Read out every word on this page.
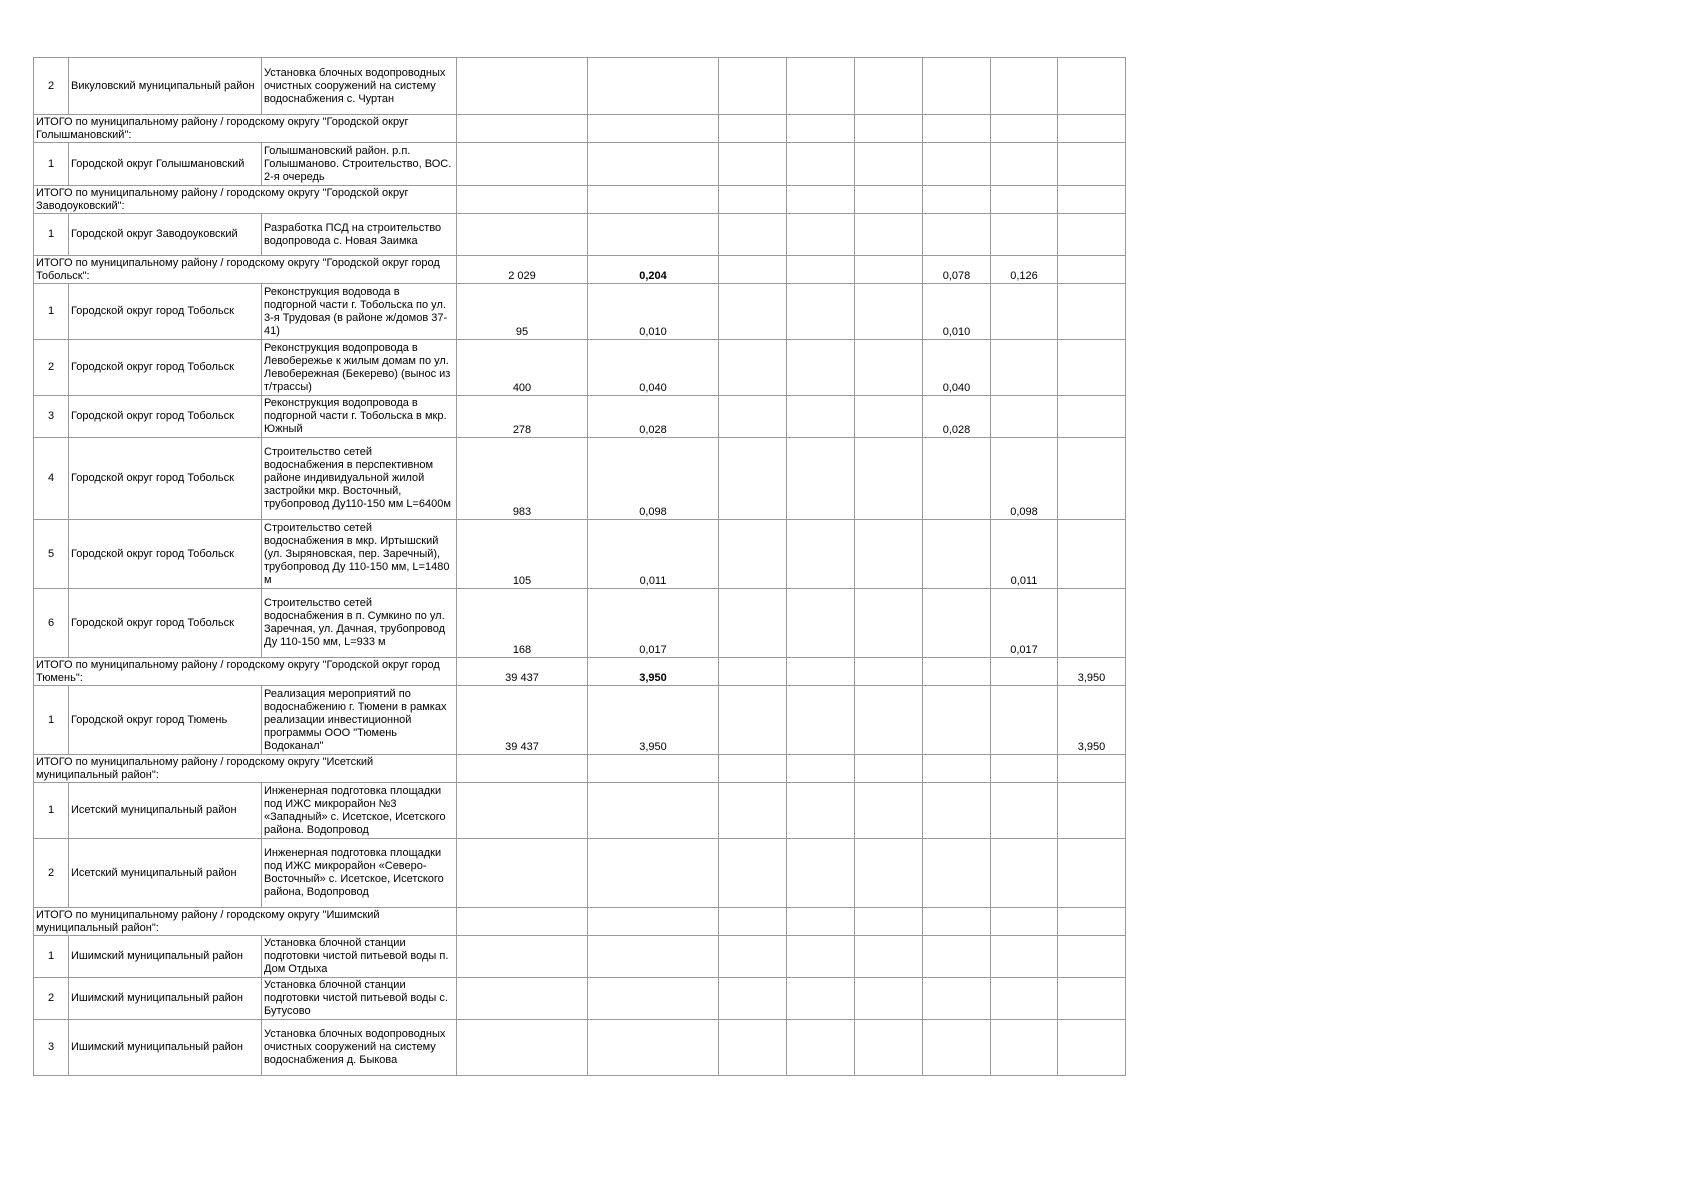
2	Викуловский муниципальный район	Установка блочных водопроводных очистных сооружений на систему водоснабжения с. Чуртан								
ИТОГО по муниципальному району / городскому округу "Городской округ Голышмановский":										
1	Городской округ Голышмановский	Голышмановский район. р.п. Голышманово. Строительство, ВОС. 2-я очередь								
ИТОГО по муниципальному району / городскому округу "Городской округ Заводоуковский":										
1	Городской округ Заводоуковский	Разработка ПСД на строительство водопровода с. Новая Заимка								
ИТОГО по муниципальному району / городскому округу "Городской округ город Тобольск":			2 029	0,204				0,078	0,126	
1	Городской округ город Тобольск	Реконструкция водовода в подгорной части г. Тобольска по ул. 3-я Трудовая (в районе ж/домов 37-41)	95	0,010				0,010		
2	Городской округ город Тобольск	Реконструкция водопровода в Левобережье к жилым домам по ул. Левобережная (Бекерево) (вынос из т/трассы)	400	0,040				0,040		
3	Городской округ город Тобольск	Реконструкция водопровода в подгорной части г. Тобольска в мкр. Южный	278	0,028				0,028		
4	Городской округ город Тобольск	Строительство сетей водоснабжения в перспективном районе индивидуальной жилой застройки мкр. Восточный, трубопровод Ду110-150 мм L=6400м	983	0,098					0,098	
5	Городской округ город Тобольск	Строительство сетей водоснабжения в мкр. Иртышский (ул. Зыряновская, пер. Заречный), трубопровод Ду 110-150 мм, L=1480 м	105	0,011					0,011	
6	Городской округ город Тобольск	Строительство сетей водоснабжения в п. Сумкино по ул. Заречная, ул. Дачная, трубопровод Ду 110-150 мм, L=933 м	168	0,017					0,017	
ИТОГО по муниципальному району / городскому округу "Городской округ город Тюмень":			39 437	3,950						3,950
1	Городской округ город Тюмень	Реализация мероприятий по водоснабжению г. Тюмени в рамках реализации инвестиционной программы ООО "Тюмень Водоканал"	39 437	3,950						3,950
ИТОГО по муниципальному району / городскому округу "Исетский муниципальный район":										
1	Исетский муниципальный район	Инженерная подготовка площадки под ИЖС микрорайон №3 «Западный» с. Исетское, Исетского района. Водопровод								
2	Исетский муниципальный район	Инженерная подготовка площадки под ИЖС микрорайон «Северо-Восточный» с. Исетское, Исетского района, Водопровод								
ИТОГО по муниципальному району / городскому округу "Ишимский муниципальный район":										
1	Ишимский муниципальный район	Установка блочной станции подготовки чистой питьевой воды п. Дом Отдыха								
2	Ишимский муниципальный район	Установка блочной станции подготовки чистой питьевой воды с. Бутусово								
3	Ишимский муниципальный район	Установка блочных водопроводных очистных сооружений на систему водоснабжения д. Быкова								
